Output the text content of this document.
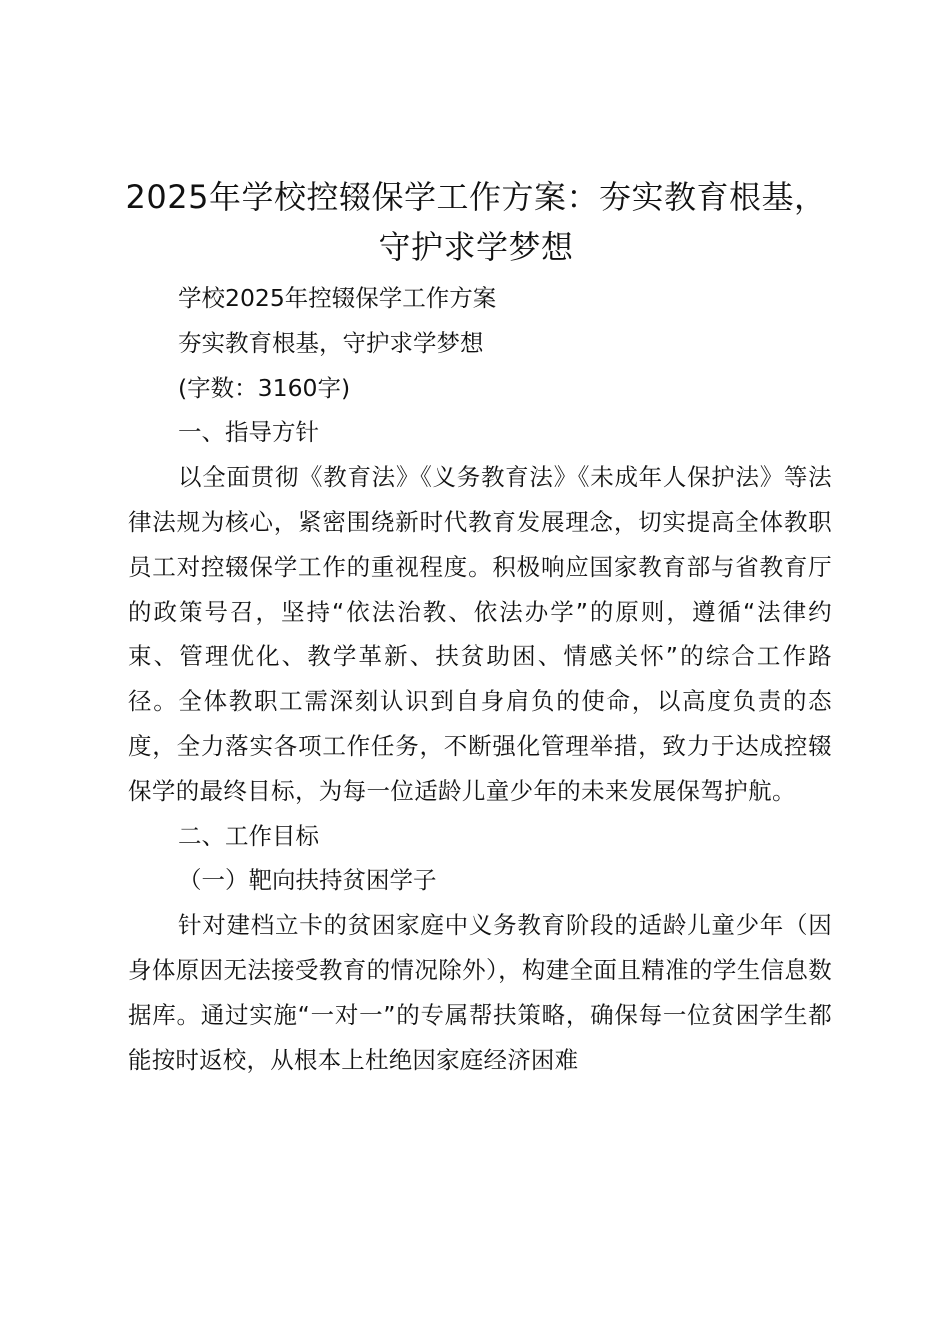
2025年学校控辍保学工作方案：夯实教育根基，守护求学梦想

学校2025年控辍保学工作方案

夯实教育根基，守护求学梦想

(字数：3160字)

一、指导方针

以全面贯彻《教育法》《义务教育法》《未成年人保护法》等法律法规为核心，紧密围绕新时代教育发展理念，切实提高全体教职员工对控辍保学工作的重视程度。积极响应国家教育部与省教育厅的政策号召，坚持“依法治教、依法办学”的原则，遵循“法律约束、管理优化、教学革新、扶贫助困、情感关怀”的综合工作路径。全体教职工需深刻认识到自身肩负的使命，以高度负责的态度，全力落实各项工作任务，不断强化管理举措，致力于达成控辍保学的最终目标，为每一位适龄儿童少年的未来发展保驾护航。

二、工作目标

（一）靶向扶持贫困学子

针对建档立卡的贫困家庭中义务教育阶段的适龄儿童少年（因身体原因无法接受教育的情况除外），构建全面且精准的学生信息数据库。通过实施“一对一”的专属帮扶策略，确保每一位贫困学生都能按时返校，从根本上杜绝因家庭经济困难
